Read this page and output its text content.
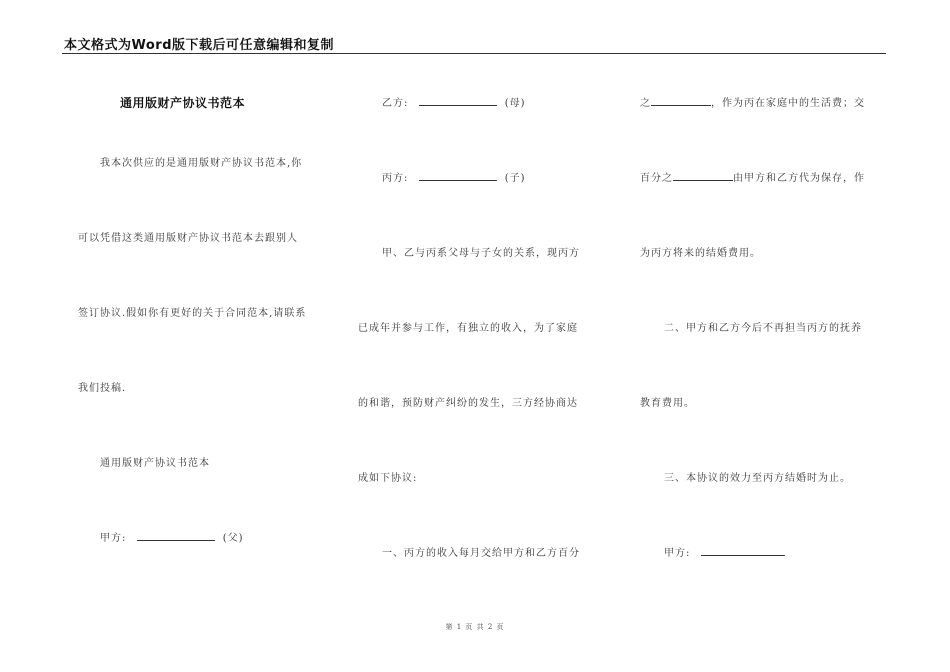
本文格式为Word版下载后可任意编辑和复制
通用版财产协议书范本
我本次供应的是通用版财产协议书范本,你
可以凭借这类通用版财产协议书范本去跟别人
签订协议.假如你有更好的关于合同范本,请联系
我们投稿.
通用版财产协议书范本
甲方:	(父)
乙方:	(母)
丙方:	(子)
甲、乙与丙系父母与子女的关系，现丙方
已成年并参与工作，有独立的收入，为了家庭
的和谐，预防财产纠纷的发生，三方经协商达
成如下协议:
一、丙方的收入每月交给甲方和乙方百分
之	，作为丙在家庭中的生活费；交
百分之	由甲方和乙方代为保存，作
为丙方将来的结婚费用。
二、甲方和乙方今后不再担当丙方的抚养
教育费用。
三、本协议的效力至丙方结婚时为止。
甲方:
第 1 页 共 2 页
